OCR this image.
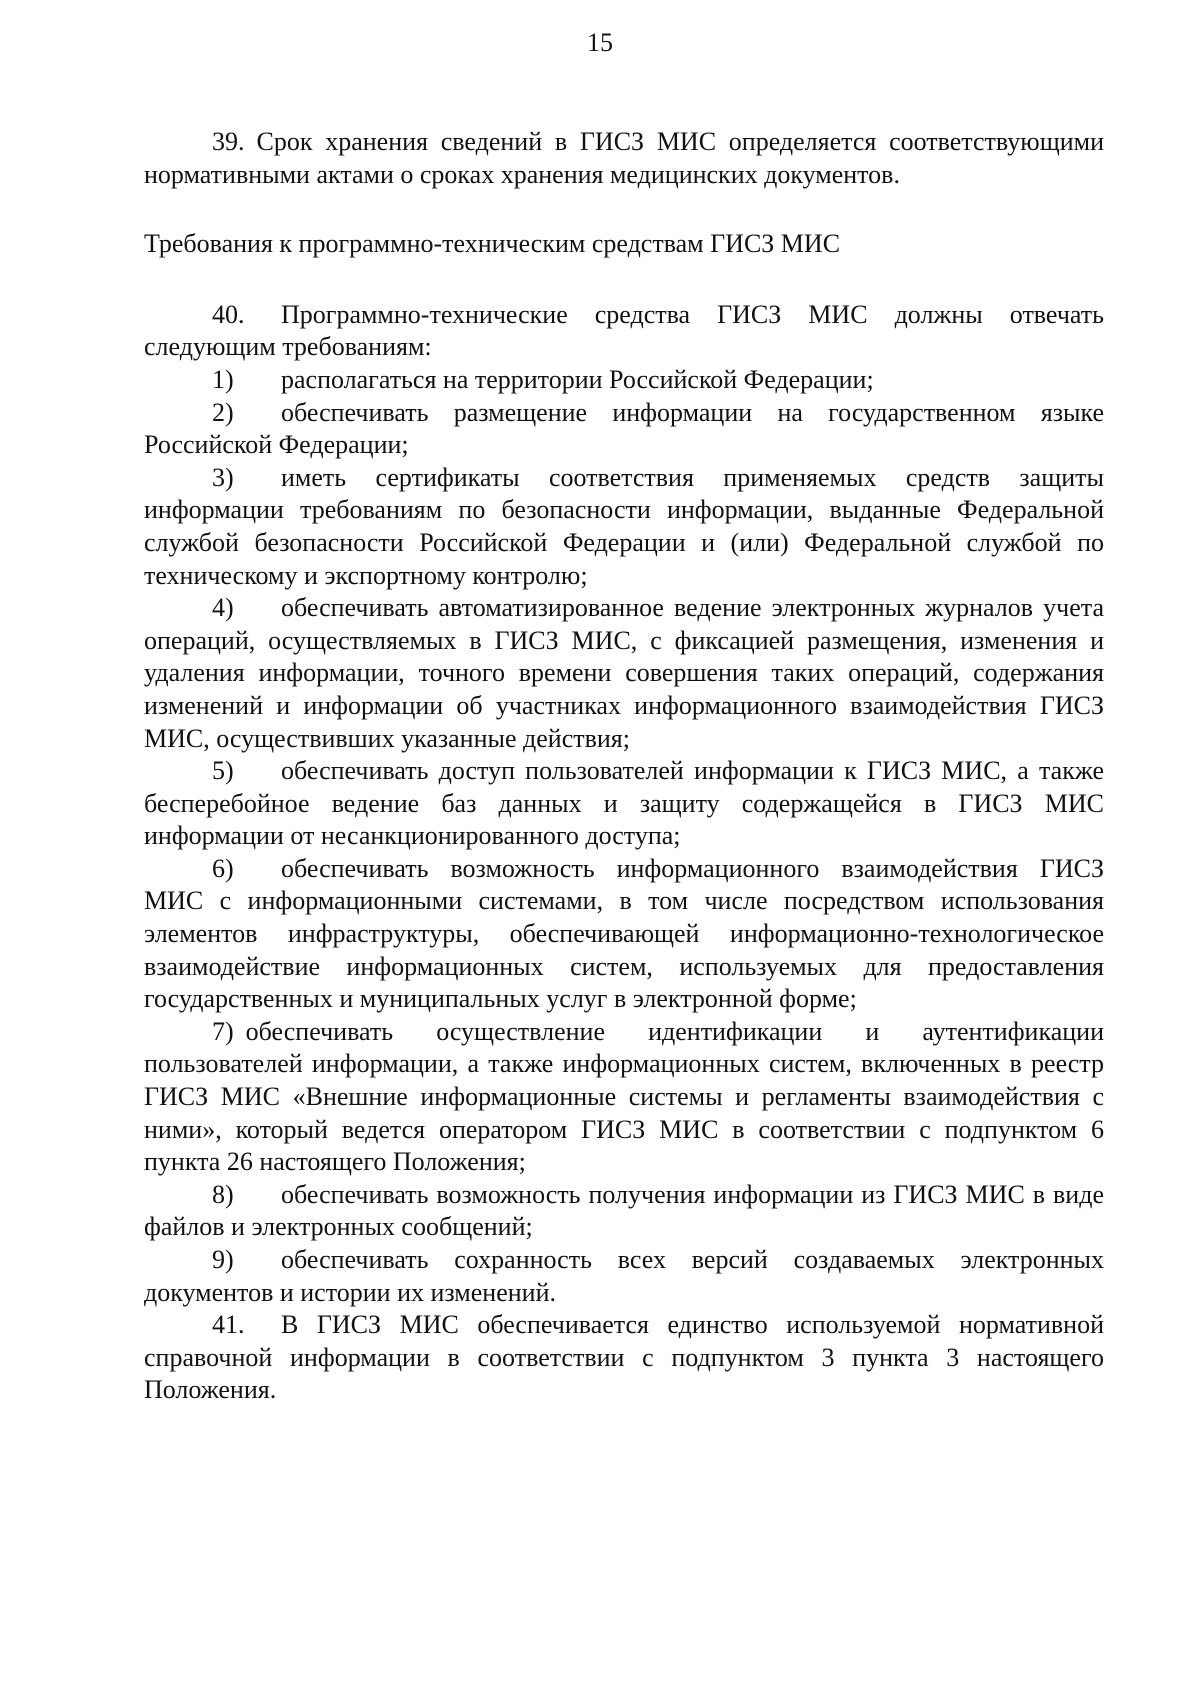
15

39. Срок хранения сведений в ГИСЗ МИС определяется соответствующими нормативными актами о сроках хранения медицинских документов.

Требования к программно-техническим средствам ГИСЗ МИС

40. Программно-технические средства ГИСЗ МИС должны отвечать следующим требованиям:

1) располагаться на территории Российской Федерации;

2) обеспечивать размещение информации на государственном языке Российской Федерации;

3) иметь сертификаты соответствия применяемых средств защиты информации требованиям по безопасности информации, выданные Федеральной службой безопасности Российской Федерации и (или) Федеральной службой по техническому и экспортному контролю;

4) обеспечивать автоматизированное ведение электронных журналов учета операций, осуществляемых в ГИСЗ МИС, с фиксацией размещения, изменения и удаления информации, точного времени совершения таких операций, содержания изменений и информации об участниках информационного взаимодействия ГИСЗ МИС, осуществивших указанные действия;

5) обеспечивать доступ пользователей информации к ГИСЗ МИС, а также бесперебойное ведение баз данных и защиту содержащейся в ГИСЗ МИС информации от несанкционированного доступа;

6) обеспечивать возможность информационного взаимодействия ГИСЗ МИС с информационными системами, в том числе посредством использования элементов инфраструктуры, обеспечивающей информационно-технологическое взаимодействие информационных систем, используемых для предоставления государственных и муниципальных услуг в электронной форме;

7) обеспечивать осуществление идентификации и аутентификации пользователей информации, а также информационных систем, включенных в реестр ГИСЗ МИС «Внешние информационные системы и регламенты взаимодействия с ними», который ведется оператором ГИСЗ МИС в соответствии с подпунктом 6 пункта 26 настоящего Положения;

8) обеспечивать возможность получения информации из ГИСЗ МИС в виде файлов и электронных сообщений;

9) обеспечивать сохранность всех версий создаваемых электронных документов и истории их изменений.

41. В ГИСЗ МИС обеспечивается единство используемой нормативной справочной информации в соответствии с подпунктом 3 пункта 3 настоящего Положения.
